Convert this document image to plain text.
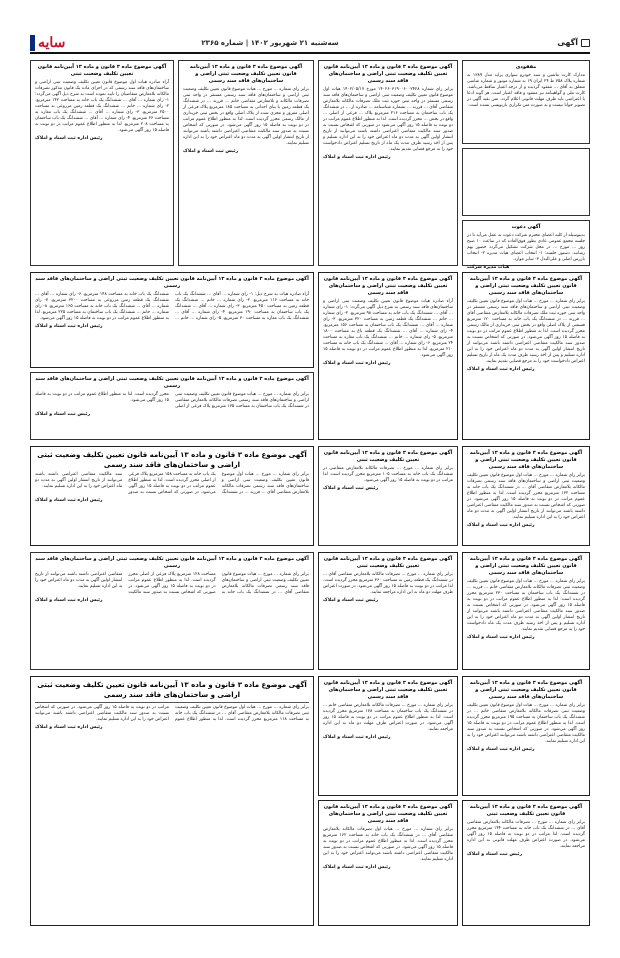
سایه	سه‌شنبه ۲۱ شهریور ۱۴۰۲ | شماره ۲۳۶۵	آگهی
مفقودی
مدارک کارت ماشین و سند خودرو سواری پراید مدل ۱۳۸۹ به شماره پلاک ۷۵۸ ط ۲۴ ایران ۱۹ به شماره موتور و شماره شاسی متعلق به آقای ... مفقود گردیده و از درجه اعتبار ساقط می‌باشد. کارت ملی و گواهینامه نیز مفقود و فاقد اعتبار است. هر گونه ادعا یا اعتراضی باید ظرف مهلت قانونی اعلام گردد. متن بقیه آگهی در تصویر خوانا نیست و به صورت متن تکراری بازنویسی نشده است.
آگهی دعوت
بدینوسیله از کلیه اعضای محترم شرکت دعوت به عمل می‌آید تا در جلسه مجمع عمومی عادی بطور فوق‌العاده که در ساعت ۱۰ صبح روز ... مورخ ... در محل شرکت تشکیل می‌گردد حضور بهم رسانند. دستور جلسه: ۱- انتخاب اعضای هیات مدیره ۲- انتخاب بازرس اصلی و علی‌البدل ۳- سایر موارد.
هیات مدیره شرکت
آگهی موضوع ماده ۳ قانون و ماده ۱۳ آیین‌نامه قانون تعیین تکلیف وضعیت ثبتی اراضی و ساختمان‌های فاقد سند رسمی
برابر رای شماره ۱۴۰۲۶۰۳۱۹۰۰۶۰۰۲۴۲۸ مورخ ۱۴۰۲/۰۵/۱۷ هیات اول موضوع قانون تعیین تکلیف وضعیت ثبتی اراضی و ساختمان‌های فاقد سند رسمی مستقر در واحد ثبتی حوزه ثبت ملک تصرفات مالکانه بلامعارض متقاضی آقای ... فرزند ... بشماره شناسنامه ... صادره از ... در ششدانگ یک باب ساختمان به مساحت ۲۱۶ مترمربع پلاک ... فرعی از اصلی ... واقع در بخش ... محرز گردیده است. لذا به منظور اطلاع عموم مراتب در دو نوبت به فاصله ۱۵ روز آگهی می‌شود در صورتی که اشخاص نسبت به صدور سند مالکیت متقاضی اعتراضی داشته باشند می‌توانند از تاریخ انتشار اولین آگهی به مدت دو ماه اعتراض خود را به این اداره تسلیم و پس از اخذ رسید ظرف مدت یک ماه از تاریخ تسلیم اعتراض دادخواست خود را به مرجع قضایی تقدیم نمایند.
رئیس اداره ثبت اسناد و املاک
آگهی موضوع ماده ۳ قانون و ماده ۱۳ آیین‌نامه قانون تعیین تکلیف وضعیت ثبتی اراضی و ساختمان‌های فاقد سند رسمی
برابر رای شماره ... مورخ ... هیات موضوع قانون تعیین تکلیف وضعیت ثبتی اراضی و ساختمان‌های فاقد سند رسمی مستقر در واحد ثبتی تصرفات مالکانه و بلامعارض متقاضی خانم ... فرزند ... در ششدانگ یک قطعه زمین با بنای احداثی به مساحت ۱۸۵ مترمربع پلاک فرعی از اصلی مفروز و مجزی شده از پلاک اصلی واقع در بخش ثبتی خریداری از مالک رسمی محرز گردیده است. لذا به منظور اطلاع عموم مراتب در دو نوبت به فاصله ۱۵ روز آگهی می‌شود. در صورتی که اشخاص نسبت به صدور سند مالکیت متقاضی اعتراضی داشته باشند می‌توانند از تاریخ انتشار اولین آگهی به مدت دو ماه اعتراض خود را به این اداره تسلیم نمایند.
رئیس ثبت اسناد و املاک
آگهی موضوع ماده ۳ قانون و ماده ۱۳ آیین‌نامه قانون تعیین تکلیف وضعیت ثبتی
آراء صادره هیات اول موضوع قانون تعیین تکلیف وضعیت ثبتی اراضی و ساختمان‌های فاقد سند رسمی که در اجرای ماده یک قانون مذکور تصرفات مالکانه بلامعارض متقاضیان را تایید نموده است به شرح ذیل آگهی می‌گردد: ۱- رای شماره ... آقای ... ششدانگ یک باب خانه به مساحت ۱۴۲ مترمربع. ۲- رای شماره ... خانم ... ششدانگ یک قطعه زمین مزروعی به مساحت ۲۵۰۰ مترمربع. ۳- رای شماره ... آقای ... ششدانگ یک باب مغازه به مساحت ۳۶ مترمربع. ۴- رای شماره ... آقای ... ششدانگ یک باب ساختمان به مساحت ۲۰۸ مترمربع. لذا به منظور اطلاع عموم مراتب در دو نوبت به فاصله ۱۵ روز آگهی می‌شود.
رئیس اداره ثبت اسناد و املاک
آگهی موضوع ماده ۳ قانون و ماده ۱۳ آیین‌نامه قانون تعیین تکلیف وضعیت ثبتی اراضی و ساختمان‌های فاقد سند رسمی
برابر رای شماره ... مورخ ... هیات اول موضوع قانون تعیین تکلیف وضعیت ثبتی اراضی و ساختمان‌های فاقد سند رسمی مستقر در واحد ثبتی حوزه ثبت ملک تصرفات مالکانه بلامعارض متقاضی آقای ... فرزند ... در ششدانگ یک باب خانه به مساحت ۱۲۰ مترمربع قسمتی از پلاک اصلی واقع در بخش ثبتی خریداری از مالک رسمی محرز گردیده است. لذا به منظور اطلاع عموم مراتب در دو نوبت به فاصله ۱۵ روز آگهی می‌شود. در صورتی که اشخاص نسبت به صدور سند مالکیت متقاضی اعتراضی داشته باشند می‌توانند از تاریخ انتشار اولین آگهی به مدت دو ماه اعتراض خود را به این اداره تسلیم و پس از اخذ رسید ظرف مدت یک ماه از تاریخ تسلیم اعتراض دادخواست خود را به مرجع قضایی تقدیم نمایند.
رئیس اداره ثبت اسناد و املاک
آگهی موضوع ماده ۳ قانون و ماده ۱۳ آیین‌نامه قانون تعیین تکلیف وضعیت ثبتی اراضی و ساختمان‌های فاقد سند رسمی
آراء صادره هیات موضوع قانون تعیین تکلیف وضعیت ثبتی اراضی و ساختمان‌های فاقد سند رسمی به شرح ذیل آگهی می‌گردد: ۱- رای شماره ... آقای ... ششدانگ یک باب خانه به مساحت ۹۸ مترمربع. ۲- رای شماره ... خانم ... ششدانگ یک قطعه زمین به مساحت ۳۲۰ مترمربع. ۳- رای شماره ... آقای ... ششدانگ یک باب ساختمان به مساحت ۱۵۶ مترمربع. ۴- رای شماره ... آقای ... ششدانگ یک قطعه باغ به مساحت ۱۸۰۰ مترمربع. ۵- رای شماره ... خانم ... ششدانگ یک باب مغازه به مساحت ۲۴ مترمربع. ۶- رای شماره ... آقای ... ششدانگ یک باب خانه به مساحت ۲۱۰ مترمربع. لذا به منظور اطلاع عموم مراتب در دو نوبت به فاصله ۱۵ روز آگهی می‌شود.
رئیس اداره ثبت اسناد و املاک
آگهی موضوع ماده ۳ قانون و ماده ۱۳ آیین‌نامه قانون تعیین تکلیف وضعیت ثبتی اراضی و ساختمان‌های فاقد سند رسمی
آراء صادره هیات به شرح ذیل: ۱- رای شماره ... آقای ... ششدانگ یک باب خانه به مساحت ۱۱۶ مترمربع. ۲- رای شماره ... خانم ... ششدانگ یک قطعه زمین به مساحت ۴۵۰ مترمربع. ۳- رای شماره ... آقای ... ششدانگ یک باب ساختمان به مساحت ۱۹۰ مترمربع. ۴- رای شماره ... آقای ... ششدانگ یک باب مغازه به مساحت ۳۰ مترمربع. ۵- رای شماره ... خانم ... ششدانگ یک باب خانه به مساحت ۱۴۸ مترمربع. ۶- رای شماره ... آقای ... ششدانگ یک قطعه زمین مزروعی به مساحت ۳۲۰۰ مترمربع. ۷- رای شماره ... آقای ... ششدانگ یک باب خانه به مساحت ۱۶۵ مترمربع. ۸- رای شماره ... خانم ... ششدانگ یک باب ساختمان به مساحت ۲۲۵ مترمربع. لذا به منظور اطلاع عموم مراتب در دو نوبت به فاصله ۱۵ روز آگهی می‌شود.
رئیس اداره ثبت اسناد و املاک
آگهی موضوع ماده ۳ قانون و ماده ۱۳ آیین‌نامه قانون تعیین تکلیف وضعیت ثبتی اراضی و ساختمان‌های فاقد سند رسمی
برابر رای شماره ... مورخ ... هیات موضوع قانون تعیین تکلیف وضعیت ثبتی اراضی و ساختمان‌های فاقد سند رسمی تصرفات مالکانه بلامعارض متقاضی در ششدانگ یک باب ساختمان به مساحت ۱۷۵ مترمربع پلاک فرعی از اصلی محرز گردیده است. لذا به منظور اطلاع عموم مراتب در دو نوبت به فاصله ۱۵ روز آگهی می‌شود.
رئیس ثبت اسناد و املاک
آگهی موضوع ماده ۳ قانون و ماده ۱۳ آیین‌نامه قانون تعیین تکلیف وضعیت ثبتی اراضی و ساختمان‌های فاقد سند رسمی
برابر رای شماره ... مورخ ... هیات اول موضوع قانون تعیین تکلیف وضعیت ثبتی اراضی و ساختمان‌های فاقد سند رسمی تصرفات مالکانه بلامعارض متقاضی آقای ... در ششدانگ یک باب خانه به مساحت ۱۳۲ مترمربع محرز گردیده است. لذا به منظور اطلاع عموم مراتب در دو نوبت به فاصله ۱۵ روز آگهی می‌شود. در صورتی که اشخاص نسبت به صدور سند مالکیت متقاضی اعتراضی داشته باشند می‌توانند از تاریخ انتشار اولین آگهی به مدت دو ماه اعتراض خود را به این اداره تسلیم نمایند.
رئیس اداره ثبت اسناد و املاک
آگهی موضوع ماده ۳ قانون و ماده ۱۳ آیین‌نامه قانون تعیین تکلیف وضعیت ثبتی
برابر رای شماره ... مورخ ... تصرفات مالکانه بلامعارض متقاضی در ششدانگ یک باب خانه به مساحت ۱۰۵ مترمربع محرز گردیده است. لذا مراتب در دو نوبت به فاصله ۱۵ روز آگهی می‌شود.
رئیس ثبت اسناد و املاک
آگهی موضوع ماده ۳ قانون و ماده ۱۳ آیین‌نامه قانون تعیین تکلیف وضعیت ثبتی اراضی و ساختمان‌های فاقد سند رسمی
برابر رای شماره ... مورخ ... هیات اول موضوع قانون تعیین تکلیف وضعیت ثبتی اراضی و ساختمان‌های فاقد سند رسمی تصرفات مالکانه بلامعارض متقاضی آقای ... فرزند ... در ششدانگ یک باب خانه به مساحت ۱۵۸ مترمربع پلاک فرعی از اصلی محرز گردیده است. لذا به منظور اطلاع عموم مراتب در دو نوبت به فاصله ۱۵ روز آگهی می‌شود. در صورتی که اشخاص نسبت به صدور سند مالکیت متقاضی اعتراضی داشته باشند می‌توانند از تاریخ انتشار اولین آگهی به مدت دو ماه اعتراض خود را به این اداره تسلیم نمایند.
رئیس اداره ثبت اسناد و املاک
آگهی موضوع ماده ۳ قانون و ماده ۱۳ آیین‌نامه قانون تعیین تکلیف وضعیت ثبتی اراضی و ساختمان‌های فاقد سند رسمی
برابر رای شماره ... مورخ ... هیات اول موضوع قانون تعیین تکلیف وضعیت ثبتی تصرفات مالکانه بلامعارض متقاضی خانم ... فرزند ... در ششدانگ یک باب ساختمان به مساحت ۲۳۰ مترمربع محرز گردیده است. لذا به منظور اطلاع عموم مراتب در دو نوبت به فاصله ۱۵ روز آگهی می‌شود. در صورتی که اشخاص نسبت به صدور سند مالکیت متقاضی اعتراضی داشته باشند می‌توانند از تاریخ انتشار اولین آگهی به مدت دو ماه اعتراض خود را به این اداره تسلیم و پس از اخذ رسید ظرف مدت یک ماه دادخواست خود را به مرجع قضایی تقدیم نمایند.
رئیس اداره ثبت اسناد و املاک
آگهی موضوع ماده ۳ قانون و ماده ۱۳ آیین‌نامه قانون تعیین تکلیف وضعیت ثبتی
برابر رای شماره ... مورخ ... تصرفات مالکانه بلامعارض متقاضی آقای ... در ششدانگ یک قطعه زمین به مساحت ۳۶۰ مترمربع محرز گردیده است. لذا مراتب در دو نوبت به فاصله ۱۵ روز آگهی می‌شود. در صورت اعتراض ظرف مهلت دو ماه به این اداره مراجعه نمایند.
رئیس ثبت اسناد و املاک
آگهی موضوع ماده ۳ قانون و ماده ۱۳ آیین‌نامه قانون تعیین تکلیف وضعیت ثبتی اراضی و ساختمان‌های فاقد سند رسمی
برابر رای شماره ... مورخ ... هیات موضوع قانون تعیین تکلیف وضعیت ثبتی اراضی و ساختمان‌های فاقد سند رسمی تصرفات مالکانه بلامعارض متقاضی آقای ... در ششدانگ یک باب خانه به مساحت ۱۲۸ مترمربع پلاک فرعی از اصلی محرز گردیده است. لذا به منظور اطلاع عموم مراتب در دو نوبت به فاصله ۱۵ روز آگهی می‌شود. در صورتی که اشخاص نسبت به صدور سند مالکیت متقاضی اعتراضی داشته باشند می‌توانند از تاریخ انتشار اولین آگهی به مدت دو ماه اعتراض خود را به این اداره تسلیم نمایند.
رئیس اداره ثبت اسناد و املاک
آگهی موضوع ماده ۳ قانون و ماده ۱۳ آیین‌نامه قانون تعیین تکلیف وضعیت ثبتی اراضی و ساختمان‌های فاقد سند رسمی
برابر رای شماره ... مورخ ... هیات اول موضوع قانون تعیین تکلیف وضعیت ثبتی تصرفات مالکانه بلامعارض متقاضی خانم ... در ششدانگ یک باب ساختمان به مساحت ۱۹۵ مترمربع محرز گردیده است. لذا به منظور اطلاع عموم مراتب در دو نوبت به فاصله ۱۵ روز آگهی می‌شود. در صورتی که اشخاص نسبت به صدور سند مالکیت متقاضی اعتراضی داشته باشند می‌توانند اعتراض خود را به این اداره تسلیم نمایند.
رئیس اداره ثبت اسناد و املاک
آگهی موضوع ماده ۳ قانون و ماده ۱۳ آیین‌نامه قانون تعیین تکلیف وضعیت ثبتی
برابر رای شماره ... مورخ ... تصرفات مالکانه بلامعارض متقاضی آقای ... در ششدانگ یک باب خانه به مساحت ۱۴۴ مترمربع محرز گردیده است. لذا مراتب در دو نوبت به فاصله ۱۵ روز آگهی می‌شود. در صورت اعتراض ظرف مهلت قانونی به این اداره مراجعه نمایند.
رئیس ثبت اسناد و املاک
آگهی موضوع ماده ۳ قانون و ماده ۱۳ آیین‌نامه قانون تعیین تکلیف وضعیت ثبتی اراضی و ساختمان‌های فاقد سند رسمی
برابر رای شماره ... مورخ ... تصرفات مالکانه بلامعارض متقاضی خانم ... در ششدانگ یک باب ساختمان به مساحت ۱۷۸ مترمربع محرز گردیده است. لذا به منظور اطلاع عموم مراتب در دو نوبت به فاصله ۱۵ روز آگهی می‌شود. در صورت اعتراض ظرف مهلت دو ماه به این اداره مراجعه نمایند.
رئیس اداره ثبت اسناد و املاک
آگهی موضوع ماده ۳ قانون و ماده ۱۳ آیین‌نامه قانون تعیین تکلیف وضعیت ثبتی اراضی و ساختمان‌های فاقد سند رسمی
برابر رای شماره ... مورخ ... هیات اول تصرفات مالکانه بلامعارض متقاضی آقای ... در ششدانگ یک باب خانه به مساحت ۱۶۲ مترمربع محرز گردیده است. لذا به منظور اطلاع عموم مراتب در دو نوبت به فاصله ۱۵ روز آگهی می‌شود. در صورتی که اشخاص نسبت به صدور سند مالکیت متقاضی اعتراضی داشته باشند می‌توانند اعتراض خود را به این اداره تسلیم نمایند.
رئیس اداره ثبت اسناد و املاک
آگهی موضوع ماده ۳ قانون و ماده ۱۳ آیین‌نامه قانون تعیین تکلیف وضعیت ثبتی اراضی و ساختمان‌های فاقد سند رسمی
برابر رای شماره ... مورخ ... هیات اول موضوع قانون تعیین تکلیف وضعیت ثبتی تصرفات مالکانه بلامعارض متقاضی آقای ... در ششدانگ یک باب خانه به مساحت ۱۱۸ مترمربع محرز گردیده است. لذا به منظور اطلاع عموم مراتب در دو نوبت به فاصله ۱۵ روز آگهی می‌شود. در صورتی که اشخاص نسبت به صدور سند مالکیت متقاضی اعتراضی داشته باشند می‌توانند اعتراض خود را به این اداره تسلیم نمایند.
رئیس اداره ثبت اسناد و املاک
